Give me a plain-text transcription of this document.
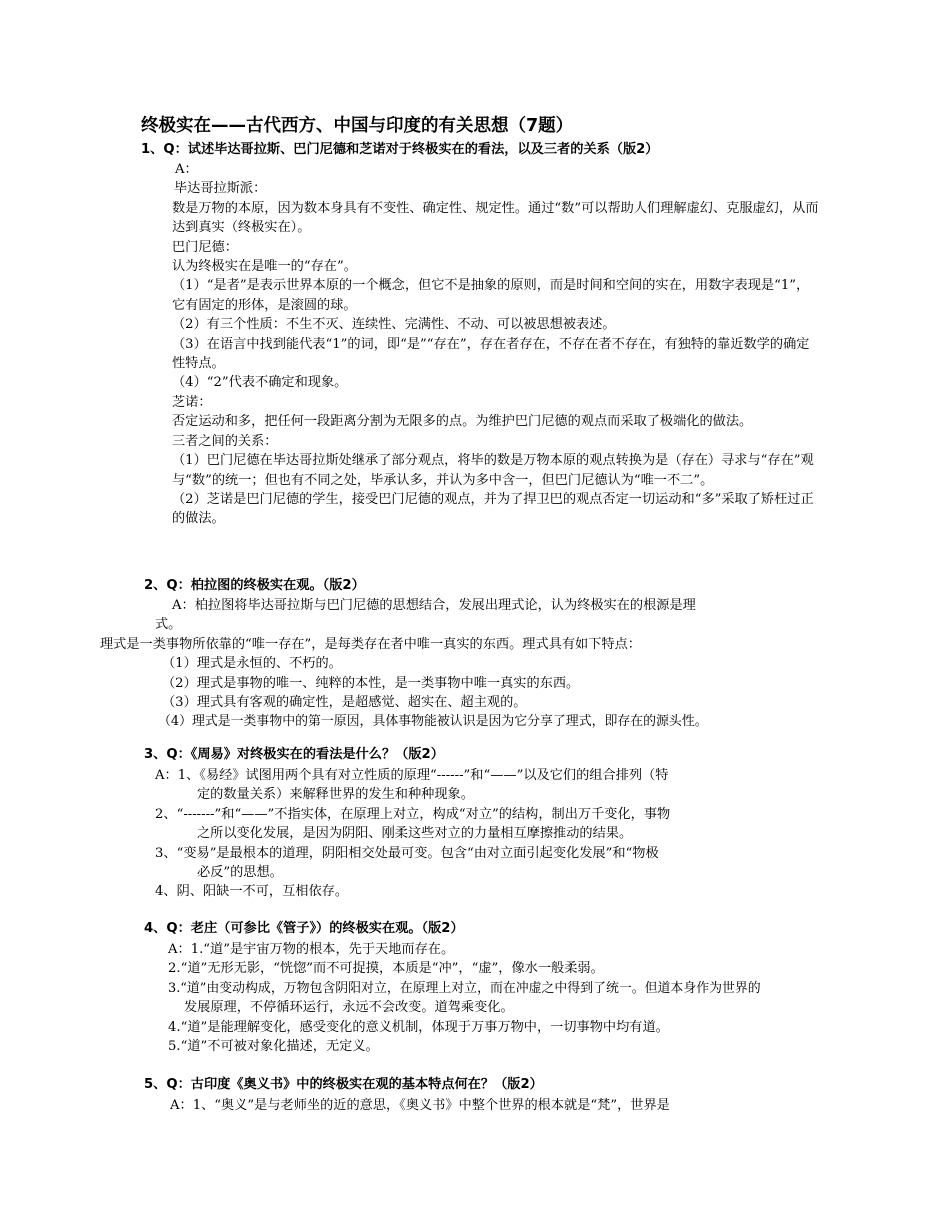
终极实在——古代西方、中国与印度的有关思想（7题）
1、Q：试述毕达哥拉斯、巴门尼德和芝诺对于终极实在的看法，以及三者的关系（版2）
A：
毕达哥拉斯派：
数是万物的本原，因为数本身具有不变性、确定性、规定性。通过“数”可以帮助人们理解虚幻、克服虚幻，从而达到真实（终极实在）。
巴门尼德：
认为终极实在是唯一的“存在”。
（1）“是者”是表示世界本原的一个概念，但它不是抽象的原则，而是时间和空间的实在，用数字表现是“1”，它有固定的形体，是滚圆的球。
（2）有三个性质：不生不灭、连续性、完满性、不动、可以被思想被表述。
（3）在语言中找到能代表“1”的词，即“是”“存在”，存在者存在，不存在者不存在，有独特的靠近数学的确定性特点。
（4）“2”代表不确定和现象。
芝诺：
否定运动和多，把任何一段距离分割为无限多的点。为维护巴门尼德的观点而采取了极端化的做法。
三者之间的关系：
（1）巴门尼德在毕达哥拉斯处继承了部分观点，将毕的数是万物本原的观点转换为是（存在）寻求与“存在”观与“数”的统一；但也有不同之处，毕承认多，并认为多中含一，但巴门尼德认为“唯一不二”。
（2）芝诺是巴门尼德的学生，接受巴门尼德的观点，并为了捍卫巴的观点否定一切运动和“多”采取了矫枉过正的做法。
2、Q：柏拉图的终极实在观。（版2）
A：柏拉图将毕达哥拉斯与巴门尼德的思想结合，发展出理式论，认为终极实在的根源是理
式。
理式是一类事物所依靠的“唯一存在”，是每类存在者中唯一真实的东西。理式具有如下特点：
（1）理式是永恒的、不朽的。
（2）理式是事物的唯一、纯粹的本性，是一类事物中唯一真实的东西。
（3）理式具有客观的确定性，是超感觉、超实在、超主观的。
（4）理式是一类事物中的第一原因，具体事物能被认识是因为它分享了理式，即存在的源头性。
3、Q：《周易》对终极实在的看法是什么？（版2）
A：1、《易经》试图用两个具有对立性质的原理“------”和“——”以及它们的组合排列（特
定的数量关系）来解释世界的发生和种种现象。
2、“-------”和“——”不指实体，在原理上对立，构成“对立”的结构，制出万千变化，事物
之所以变化发展，是因为阴阳、刚柔这些对立的力量相互摩擦推动的结果。
3、“变易”是最根本的道理，阴阳相交处最可变。包含“由对立面引起变化发展”和“物极
必反”的思想。
4、阴、阳缺一不可，互相依存。
4、Q：老庄（可参比《管子》）的终极实在观。（版2）
A：1.“道”是宇宙万物的根本，先于天地而存在。
2.“道”无形无影，“恍惚”而不可捉摸，本质是“冲”，“虚”，像水一般柔弱。
3.“道”由变动构成，万物包含阴阳对立，在原理上对立，而在冲虚之中得到了统一。但道本身作为世界的
发展原理，不停循环运行，永远不会改变。道驾乘变化。
4.“道”是能理解变化，感受变化的意义机制，体现于万事万物中，一切事物中均有道。
5.“道”不可被对象化描述，无定义。
5、Q：古印度《奥义书》中的终极实在观的基本特点何在？（版2）
A：1、“奥义”是与老师坐的近的意思，《奥义书》中整个世界的根本就是“梵”，世界是
